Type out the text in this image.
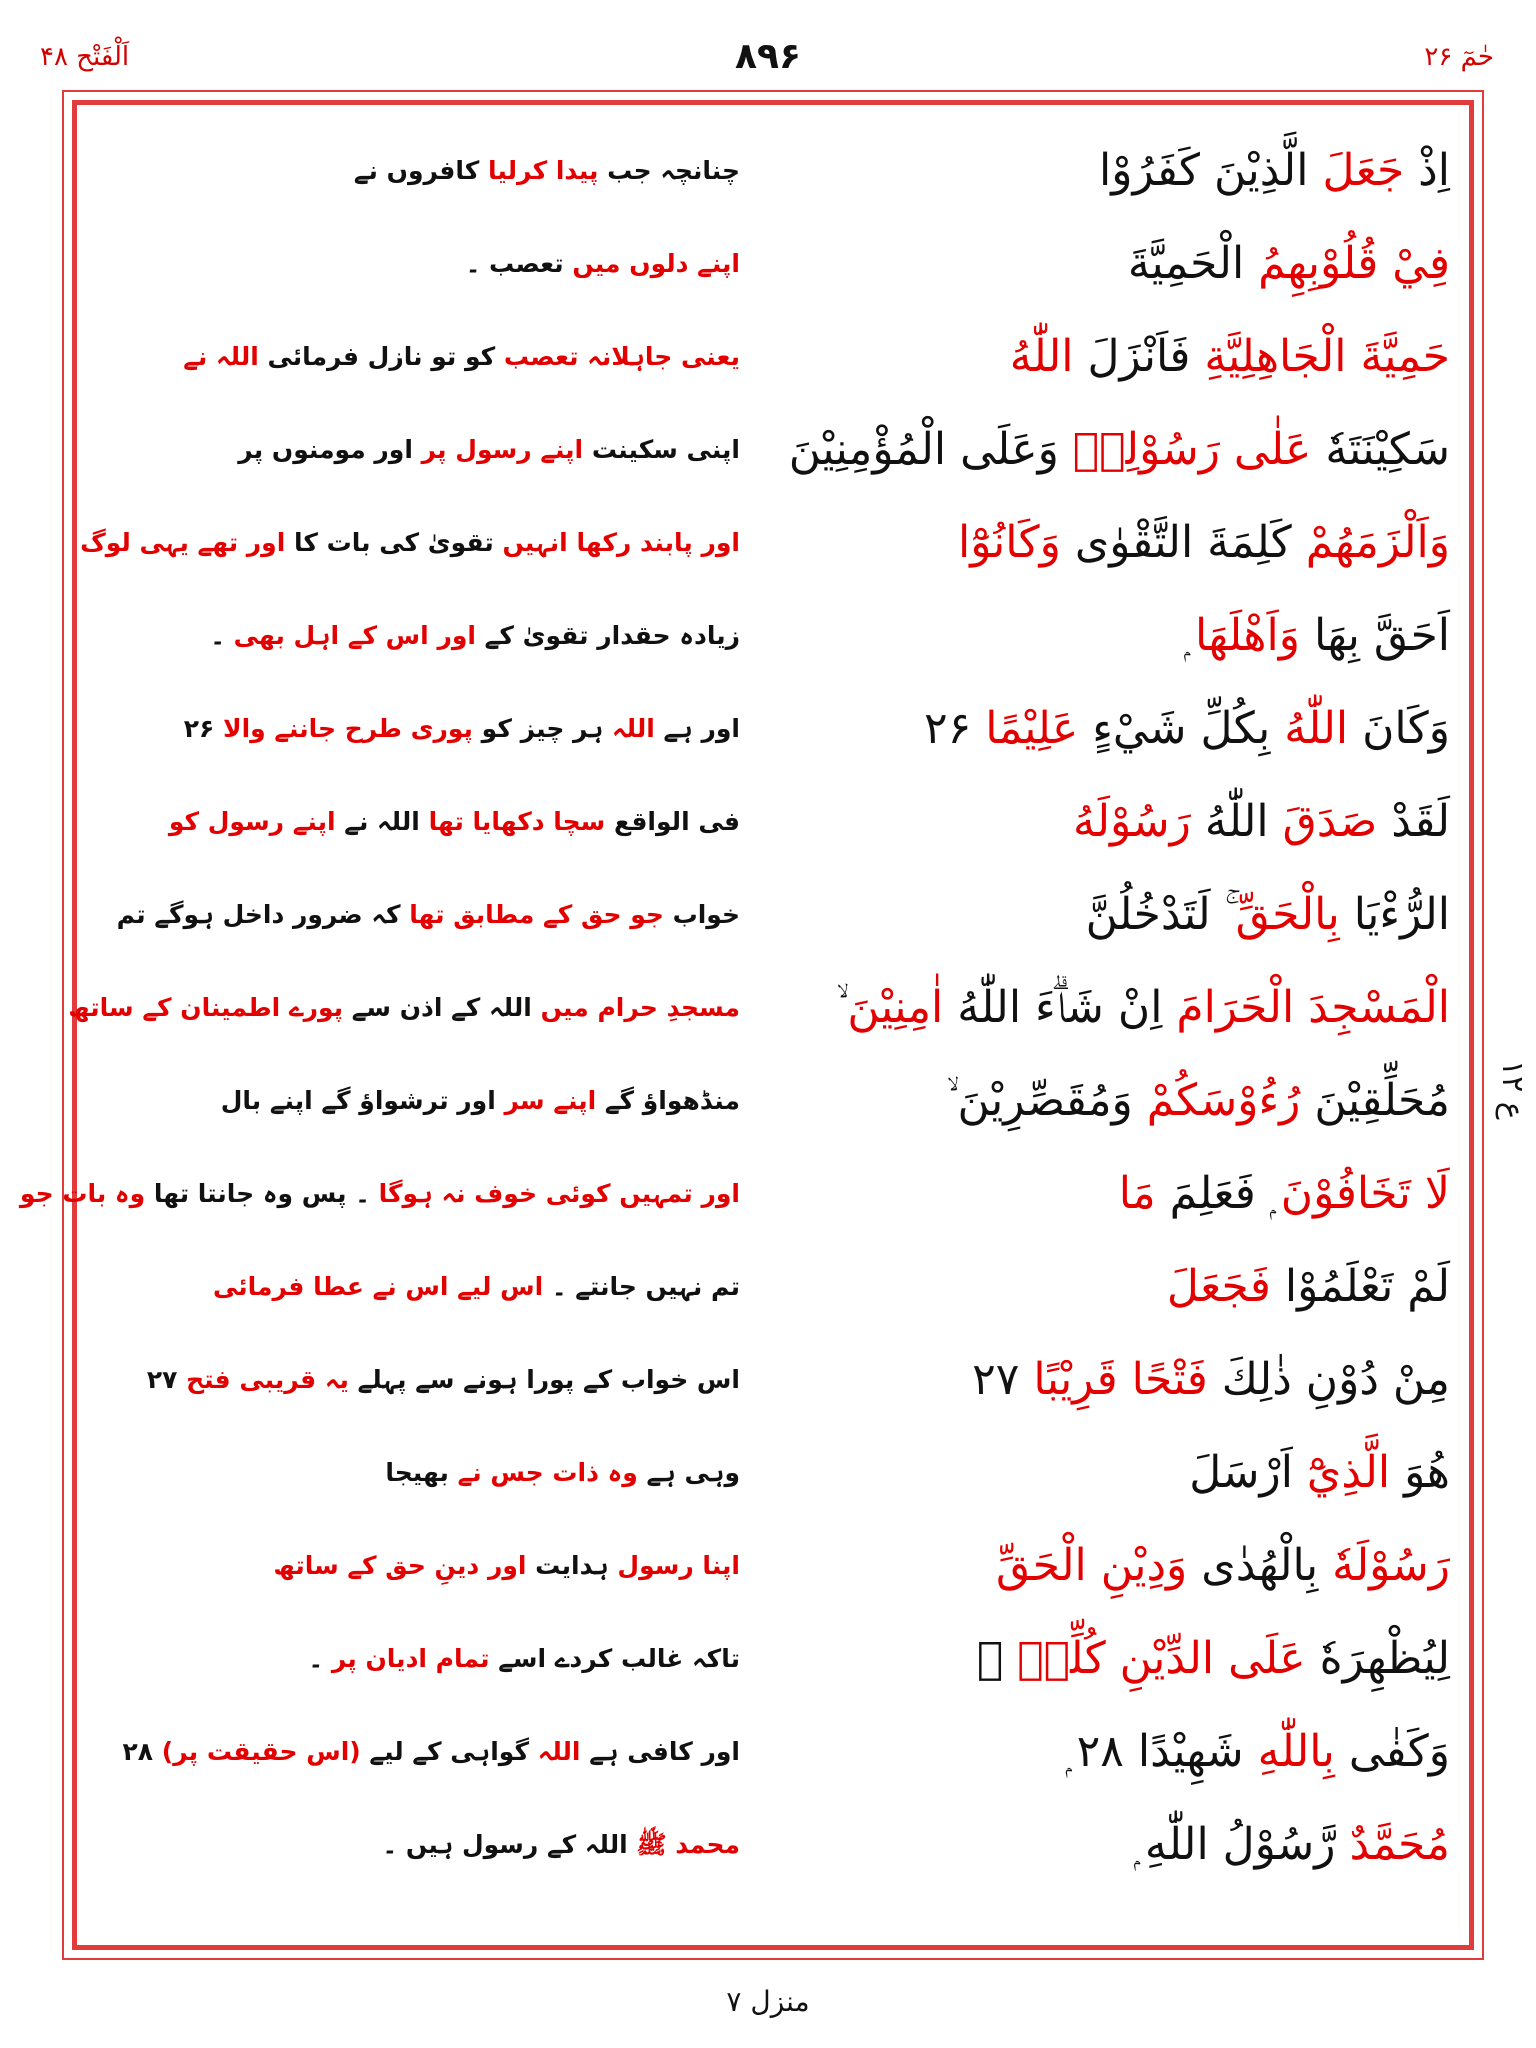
حٰمٓ ۲۶
۸۹۶
اَلْفَتْح ۴۸
ع ۱۲
اِذْ جَعَلَ الَّذِيْنَ كَفَرُوْا
چنانچہ جب پیدا کرلیا کافروں نے
فِيْ قُلُوْبِهِمُ الْحَمِيَّةَ
اپنے دلوں میں تعصب ۔
حَمِيَّةَ الْجَاهِلِيَّةِ فَاَنْزَلَ اللّٰهُ
یعنی جاہلانہ تعصب کو تو نازل فرمائی اللہ نے
سَكِيْنَتَهٗ عَلٰى رَسُوْلِهٖ وَعَلَى الْمُؤْمِنِيْنَ
اپنی سکینت اپنے رسول پر اور مومنوں پر
وَاَلْزَمَهُمْ كَلِمَةَ التَّقْوٰى وَكَانُوْٓا
اور پابند رکھا انہیں تقویٰ کی بات کا اور تھے یہی لوگ
اَحَقَّ بِهَا وَاَهْلَهَا ۭ
زیادہ حقدار تقویٰ کے اور اس کے اہل بھی ۔
وَكَانَ اللّٰهُ بِكُلِّ شَيْءٍ عَلِيْمًا ۲۶
اور ہے اللہ ہر چیز کو پوری طرح جاننے والا ۲۶
لَقَدْ صَدَقَ اللّٰهُ رَسُوْلَهُ
فی الواقع سچا دکھایا تھا اللہ نے اپنے رسول کو
الرُّءْيَا بِالْحَقِّ ۚ لَتَدْخُلُنَّ
خواب جو حق کے مطابق تھا کہ ضرور داخل ہوگے تم
الْمَسْجِدَ الْحَرَامَ اِنْ شَاۗءَ اللّٰهُ اٰمِنِيْنَ ۙ
مسجدِ حرام میں اللہ کے اذن سے پورے اطمینان کے ساتھ
مُحَلِّقِيْنَ رُءُوْسَكُمْ وَمُقَصِّرِيْنَ ۙ
منڈھواؤ گے اپنے سر اور ترشواؤ گے اپنے بال
لَا تَخَافُوْنَ ۭ فَعَلِمَ مَا
اور تمہیں کوئی خوف نہ ہوگا ۔ پس وہ جانتا تھا وہ بات جو
لَمْ تَعْلَمُوْا فَجَعَلَ
تم نہیں جانتے ۔ اس لیے اس نے عطا فرمائی
مِنْ دُوْنِ ذٰلِكَ فَتْحًا قَرِيْبًا ۲۷
اس خواب کے پورا ہونے سے پہلے یہ قریبی فتح ۲۷
هُوَ الَّذِيْٓ اَرْسَلَ
وہی ہے وہ ذات جس نے بھیجا
رَسُوْلَهٗ بِالْهُدٰى وَدِيْنِ الْحَقِّ
اپنا رسول ہدایت اور دینِ حق کے ساتھ
لِيُظْهِرَهٗ عَلَى الدِّيْنِ كُلِّهٖ ۭ
تاکہ غالب کردے اسے تمام ادیان پر ۔
وَكَفٰى بِاللّٰهِ شَهِيْدًا ۲۸ ۭ
اور کافی ہے اللہ گواہی کے لیے (اس حقیقت پر) ۲۸
مُحَمَّدٌ رَّسُوْلُ اللّٰهِ ۭ
محمد ﷺ اللہ کے رسول ہیں ۔
منزل ۷
